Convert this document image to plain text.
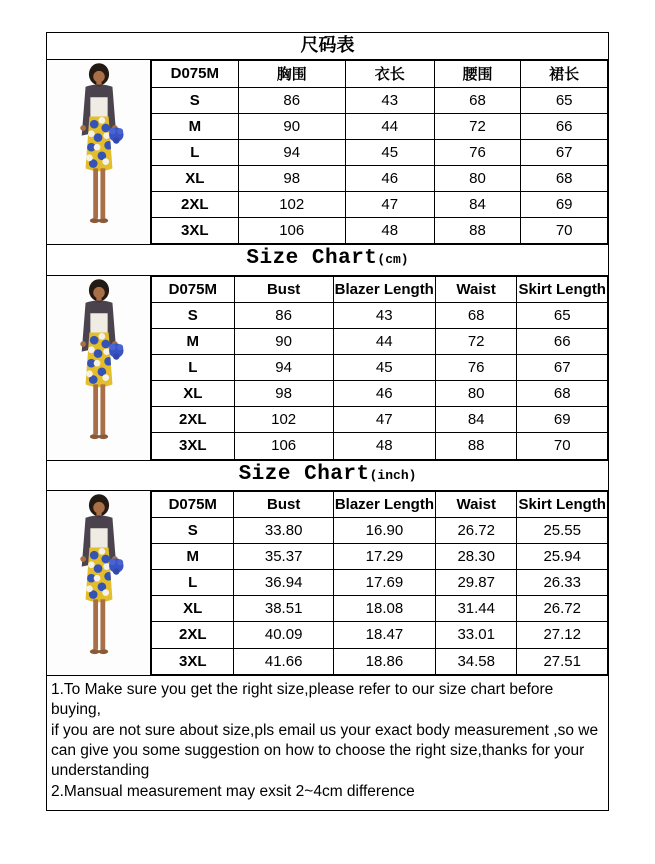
尺码表
D075M	胸围	衣长	腰围	裙长
S	86	43	68	65
M	90	44	72	66
L	94	45	76	67
XL	98	46	80	68
2XL	102	47	84	69
3XL	106	48	88	70
Size Chart(cm)
D075M	Bust	Blazer Length	Waist	Skirt Length
S	86	43	68	65
M	90	44	72	66
L	94	45	76	67
XL	98	46	80	68
2XL	102	47	84	69
3XL	106	48	88	70
Size Chart(inch)
D075M	Bust	Blazer Length	Waist	Skirt Length
S	33.80	16.90	26.72	25.55
M	35.37	17.29	28.30	25.94
L	36.94	17.69	29.87	26.33
XL	38.51	18.08	31.44	26.72
2XL	40.09	18.47	33.01	27.12
3XL	41.66	18.86	34.58	27.51

1.To Make sure you get the right size,please refer to our size chart before buying,

if you are not sure about size,pls email us your exact body measurement ,so we can give you some suggestion on how to choose the right size,thanks for your understanding

2.Mansual measurement may exsit 2~4cm difference
